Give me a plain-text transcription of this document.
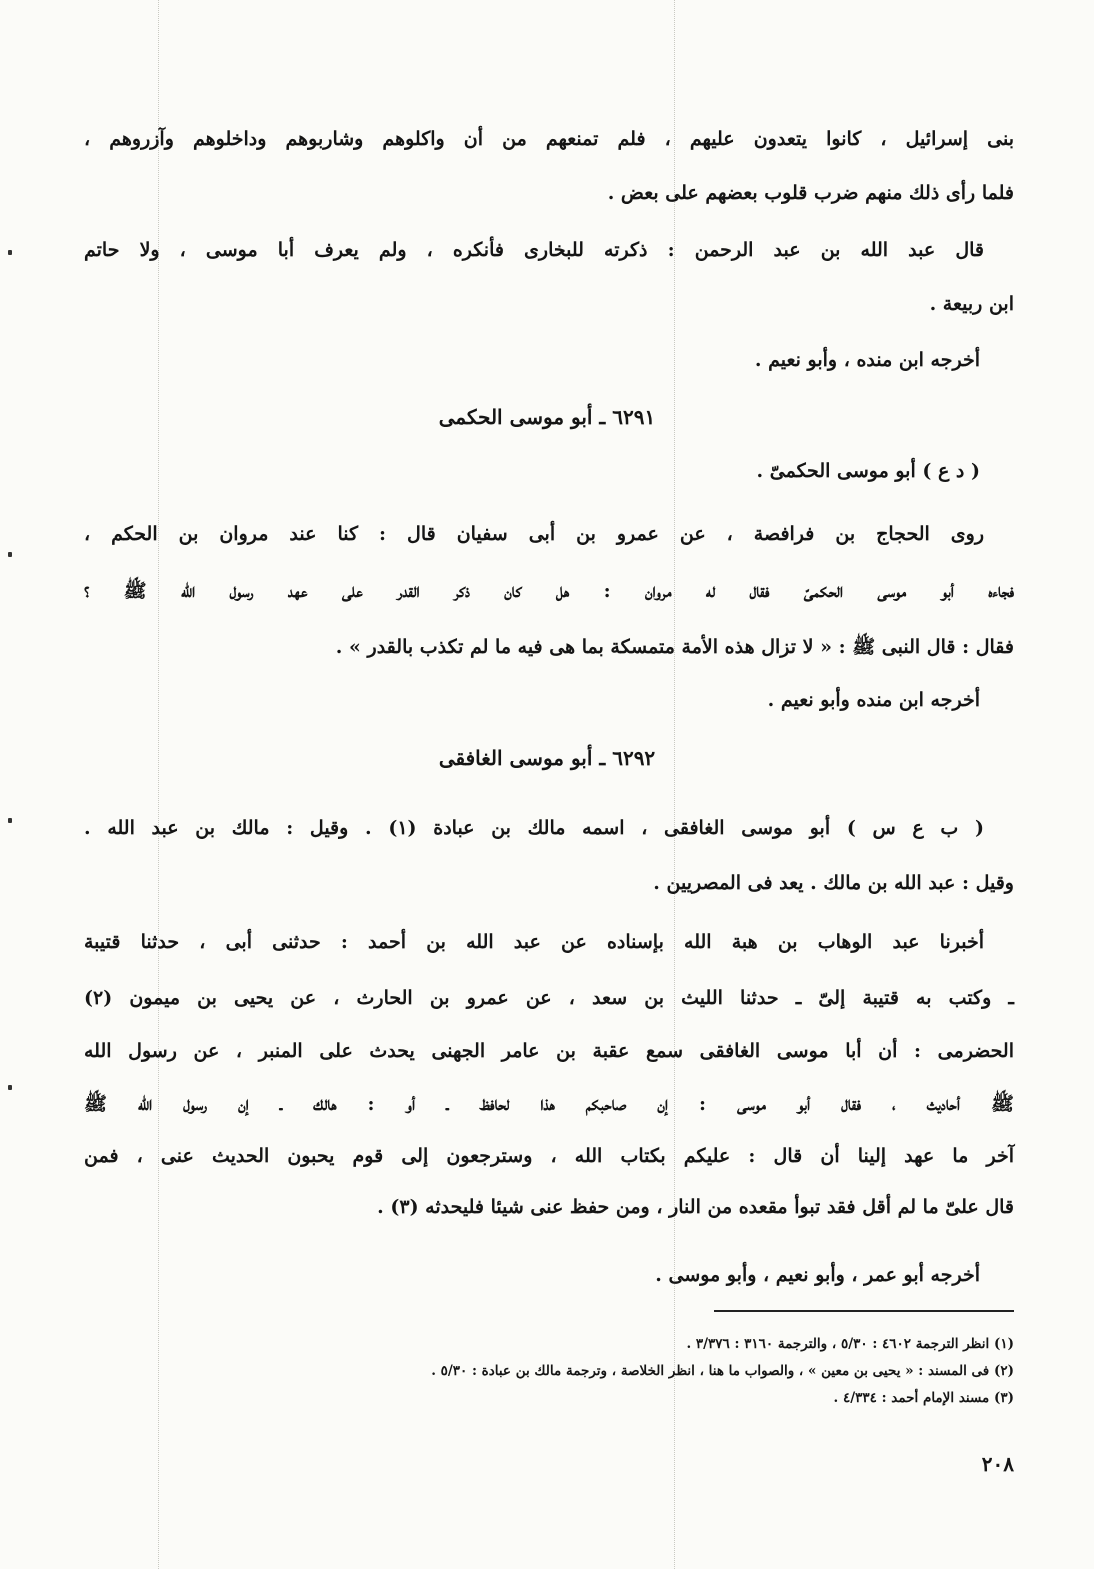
بنى إسرائيل ، كانوا يتعدون عليهم ، فلم تمنعهم من أن واكلوهم وشاربوهم وداخلوهم وآزروهم ،
فلما رأى ذلك منهم ضرب قلوب بعضهم على بعض .
قال عبد الله بن عبد الرحمن : ذكرته للبخارى فأنكره ، ولم يعرف أبا موسى ، ولا حاتم
ابن ربيعة .
أخرجه ابن منده ، وأبو نعيم .
٦٢٩١ ـ أبو موسى الحكمى
( د ع ) أبو موسى الحكمىّ .
روى الحجاج بن فرافصة ، عن عمرو بن أبى سفيان قال : كنا عند مروان بن الحكم ،
فجاءه أبو موسى الحكمىّ فقال له مروان : هل كان ذكر القدر على عهد رسول الله ﷺ ؟
فقال : قال النبى ﷺ : « لا تزال هذه الأمة متمسكة بما هى فيه ما لم تكذب بالقدر » .
أخرجه ابن منده وأبو نعيم .
٦٢٩٢ ـ أبو موسى الغافقى
( ب ع س ) أبو موسى الغافقى ، اسمه مالك بن عبادة (١) . وقيل : مالك بن عبد الله .
وقيل : عبد الله بن مالك . يعد فى المصريين .
أخبرنا عبد الوهاب بن هبة الله بإسناده عن عبد الله بن أحمد : حدثنى أبى ، حدثنا قتيبة
ـ وكتب به قتيبة إلىّ ـ حدثنا الليث بن سعد ، عن عمرو بن الحارث ، عن يحيى بن ميمون (٢)
الحضرمى : أن أبا موسى الغافقى سمع عقبة بن عامر الجهنى يحدث على المنبر ، عن رسول الله
ﷺ أحاديث ، فقال أبو موسى : إن صاحبكم هذا لحافظ ـ أو : هالك ـ إن رسول الله ﷺ
آخر ما عهد إلينا أن قال : عليكم بكتاب الله ، وسترجعون إلى قوم يحبون الحديث عنى ، فمن
قال علىّ ما لم أقل فقد تبوأ مقعده من النار ، ومن حفظ عنى شيئا فليحدثه (٣) .
أخرجه أبو عمر ، وأبو نعيم ، وأبو موسى .
(١) انظر الترجمة ٤٦٠٢ : ٥/٣٠ ، والترجمة ٣١٦٠ : ٣/٣٧٦ .
(٢) فى المسند : « يحيى بن معين » ، والصواب ما هنا ، انظر الخلاصة ، وترجمة مالك بن عبادة : ٥/٣٠ .
(٣) مسند الإمام أحمد : ٤/٣٣٤ .
٢٠٨
